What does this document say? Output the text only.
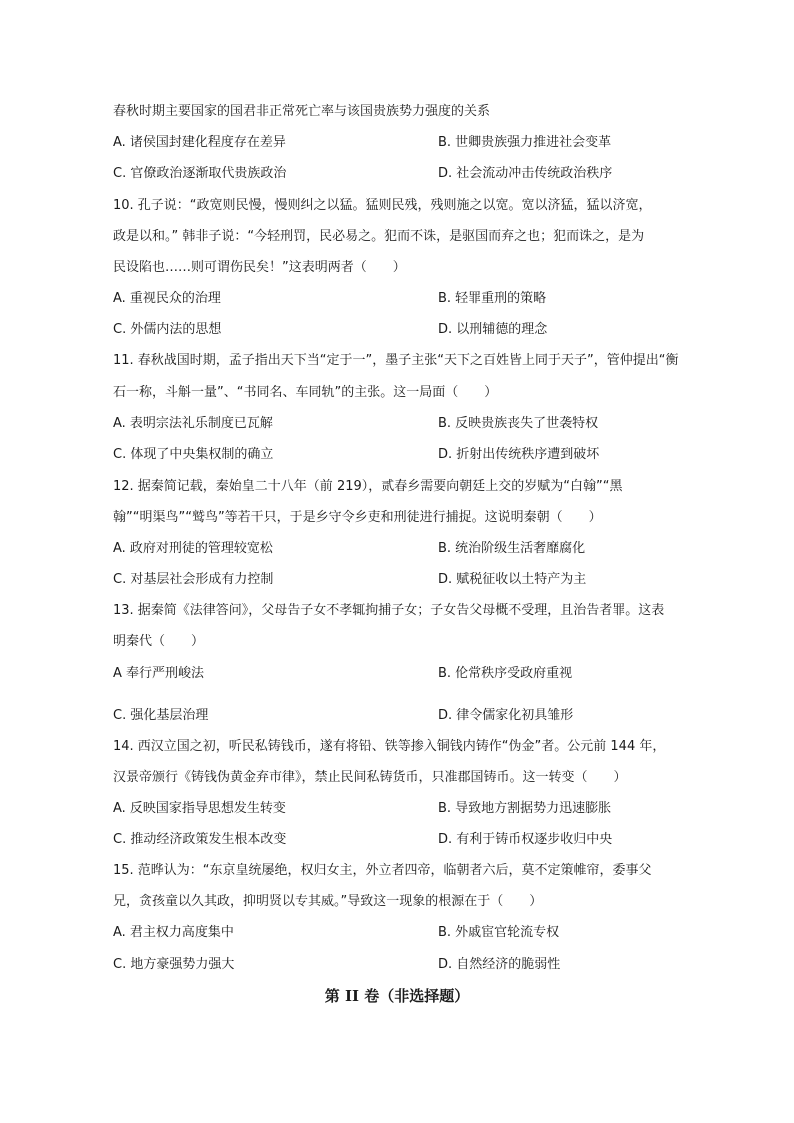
春秋时期主要国家的国君非正常死亡率与该国贵族势力强度的关系
A. 诸侯国封建化程度存在差异	B. 世卿贵族强力推进社会变革
C. 官僚政治逐渐取代贵族政治	D. 社会流动冲击传统政治秩序
10. 孔子说：“政宽则民慢，慢则纠之以猛。猛则民残，残则施之以宽。宽以济猛，猛以济宽，
政是以和。” 韩非子说：“今轻刑罚，民必易之。犯而不诛，是驱国而弃之也；犯而诛之，是为
民设陷也……则可谓伤民矣！”这表明两者（　　）
A. 重视民众的治理	B. 轻罪重刑的策略
C. 外儒内法的思想	D. 以刑辅德的理念
11. 春秋战国时期，孟子指出天下当“定于一”，墨子主张“天下之百姓皆上同于天子”，管仲提出“衡
石一称，斗斛一量”、“书同名、车同轨”的主张。这一局面（　　）
A. 表明宗法礼乐制度已瓦解	B. 反映贵族丧失了世袭特权
C. 体现了中央集权制的确立	D. 折射出传统秩序遭到破坏
12. 据秦简记载，秦始皇二十八年（前 219），贰春乡需要向朝廷上交的岁赋为“白翰”“黑
翰”“明渠鸟”“鹫鸟”等若干只，于是乡守令乡吏和刑徒进行捕捉。这说明秦朝（　　）
A. 政府对刑徒的管理较宽松	B. 统治阶级生活奢靡腐化
C. 对基层社会形成有力控制	D. 赋税征收以土特产为主
13. 据秦简《法律答问》，父母告子女不孝辄拘捕子女；子女告父母概不受理，且治告者罪。这表
明秦代（　　）
A 奉行严刑峻法	B. 伦常秩序受政府重视
C. 强化基层治理	D. 律令儒家化初具雏形
14. 西汉立国之初，听民私铸钱币，遂有将铅、铁等掺入铜钱内铸作“伪金”者。公元前 144 年，
汉景帝颁行《铸钱伪黄金弃市律》，禁止民间私铸货币，只准郡国铸币。这一转变（　　）
A. 反映国家指导思想发生转变	B. 导致地方割据势力迅速膨胀
C. 推动经济政策发生根本改变	D. 有利于铸币权逐步收归中央
15. 范晔认为：“东京皇统屡绝，权归女主，外立者四帝，临朝者六后，莫不定策帷帘，委事父
兄，贪孩童以久其政，抑明贤以专其威。”导致这一现象的根源在于（　　）
A. 君主权力高度集中	B. 外戚宦官轮流专权
C. 地方豪强势力强大	D. 自然经济的脆弱性
第 II 卷（非选择题）
